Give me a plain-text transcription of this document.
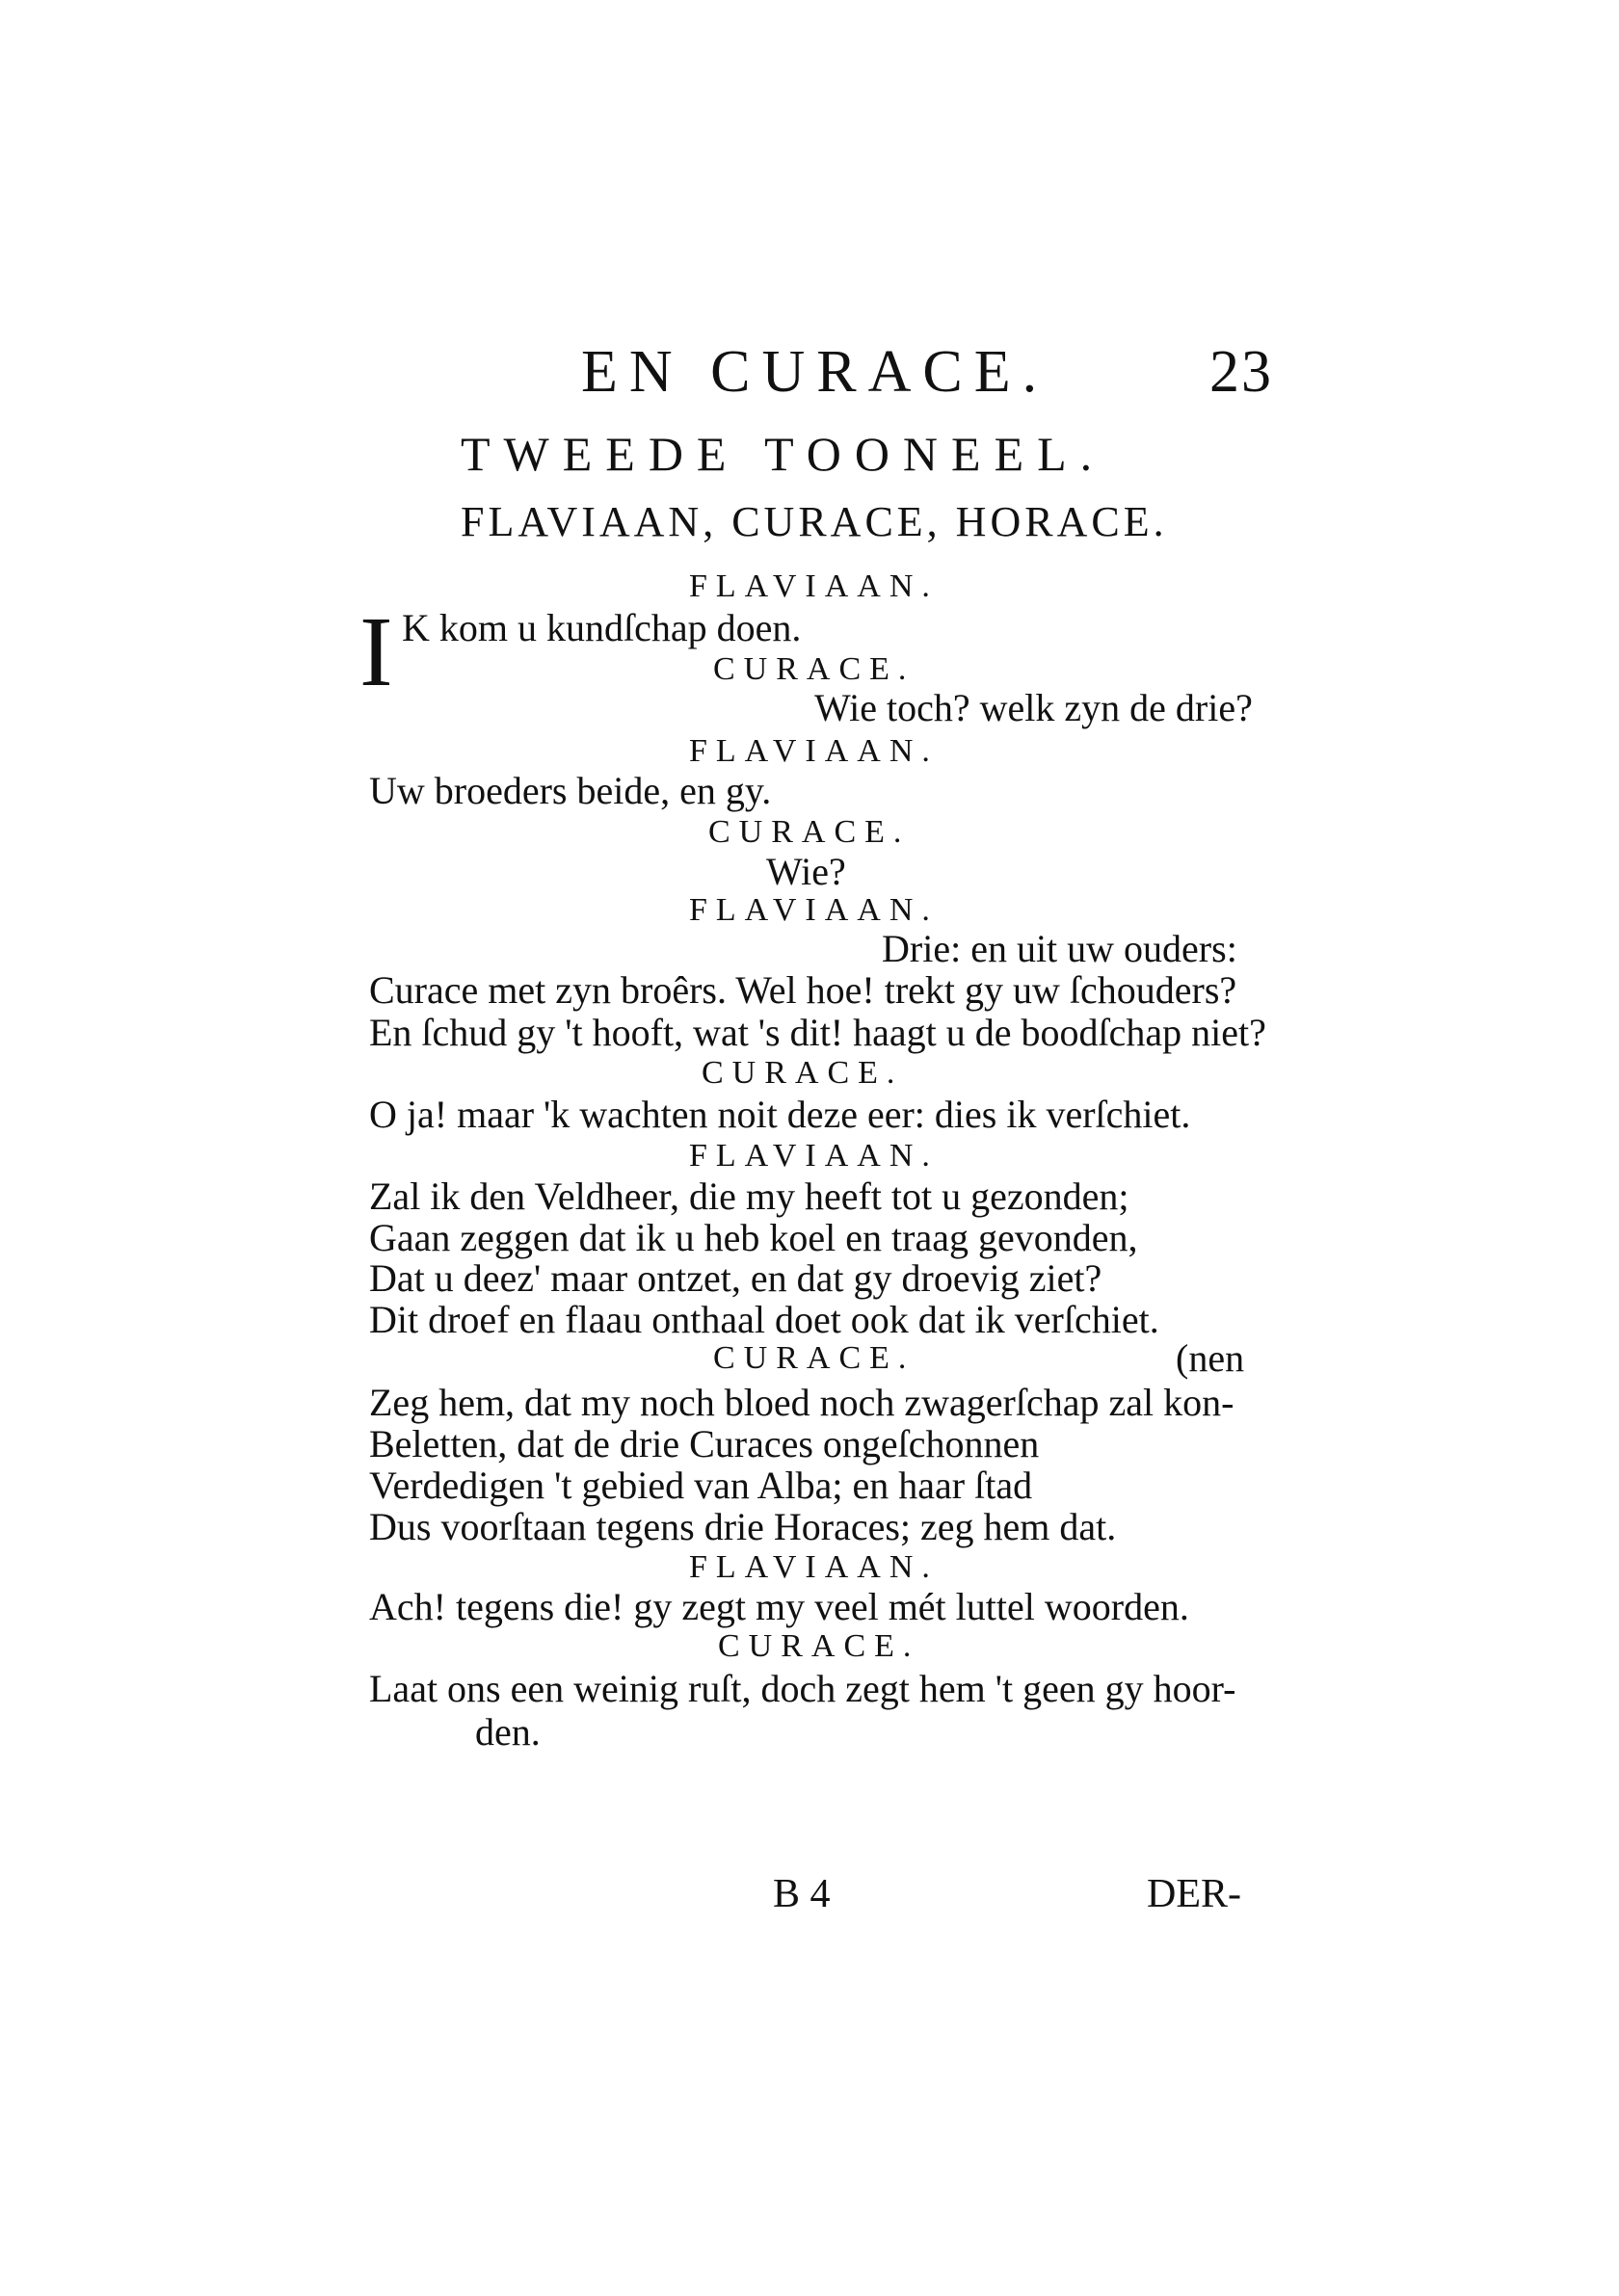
EN CURACE.	23
TWEEDE TOONEEL.
FLAVIAAN, CURACE, HORACE.
FLAVIAAN.
I K kom u kundſchap doen.
CURACE.
Wie toch? welk zyn de drie?
FLAVIAAN.
Uw broeders beide, en gy.
CURACE.
Wie?
FLAVIAAN.
Drie: en uit uw ouders:
Curace met zyn broêrs. Wel hoe! trekt gy uw ſchouders?
En ſchud gy 't hooft, wat 's dit! haagt u de boodſchap niet?
CURACE.
O ja! maar 'k wachten noit deze eer: dies ik verſchiet.
FLAVIAAN.
Zal ik den Veldheer, die my heeft tot u gezonden;
Gaan zeggen dat ik u heb koel en traag gevonden,
Dat u deez' maar ontzet, en dat gy droevig ziet?
Dit droef en flaau onthaal doet ook dat ik verſchiet.
CURACE.	(nen
Zeg hem, dat my noch bloed noch zwagerſchap zal kon-
Beletten, dat de drie Curaces ongeſchonnen
Verdedigen 't gebied van Alba; en haar ſtad
Dus voorſtaan tegens drie Horaces; zeg hem dat.
FLAVIAAN.
Ach! tegens die! gy zegt my veel mét luttel woorden.
CURACE.
Laat ons een weinig ruſt, doch zegt hem 't geen gy hoor-
den.
B 4	DER-
